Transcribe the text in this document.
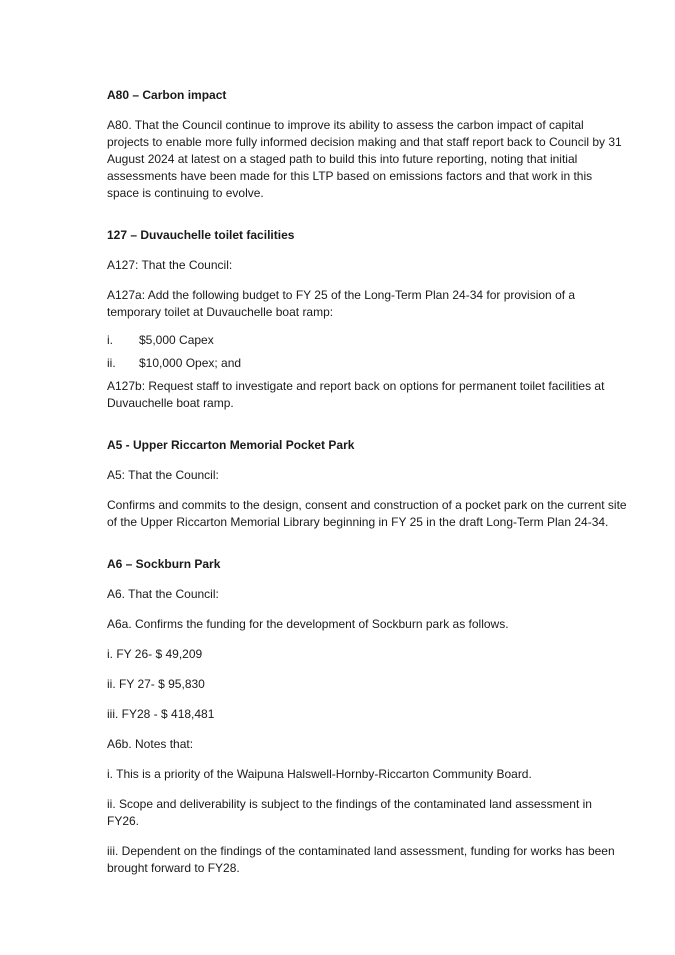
A80 – Carbon impact

A80. That the Council continue to improve its ability to assess the carbon impact of capital projects to enable more fully informed decision making and that staff report back to Council by 31 August 2024 at latest on a staged path to build this into future reporting, noting that initial assessments have been made for this LTP based on emissions factors and that work in this space is continuing to evolve.

127 – Duvauchelle toilet facilities

A127: That the Council:

A127a: Add the following budget to FY 25 of the Long-Term Plan 24-34 for provision of a temporary toilet at Duvauchelle boat ramp:

i.	$5,000 Capex
ii.	$10,000 Opex; and

A127b: Request staff to investigate and report back on options for permanent toilet facilities at Duvauchelle boat ramp.

A5 - Upper Riccarton Memorial Pocket Park

A5: That the Council:

Confirms and commits to the design, consent and construction of a pocket park on the current site of the Upper Riccarton Memorial Library beginning in FY 25 in the draft Long-Term Plan 24-34.

A6 – Sockburn Park

A6. That the Council:

A6a. Confirms the funding for the development of Sockburn park as follows.

i. FY 26- $ 49,209

ii. FY 27- $ 95,830

iii. FY28 - $ 418,481

A6b. Notes that:

i. This is a priority of the Waipuna Halswell-Hornby-Riccarton Community Board.

ii. Scope and deliverability is subject to the findings of the contaminated land assessment in FY26.

iii. Dependent on the findings of the contaminated land assessment, funding for works has been brought forward to FY28.
